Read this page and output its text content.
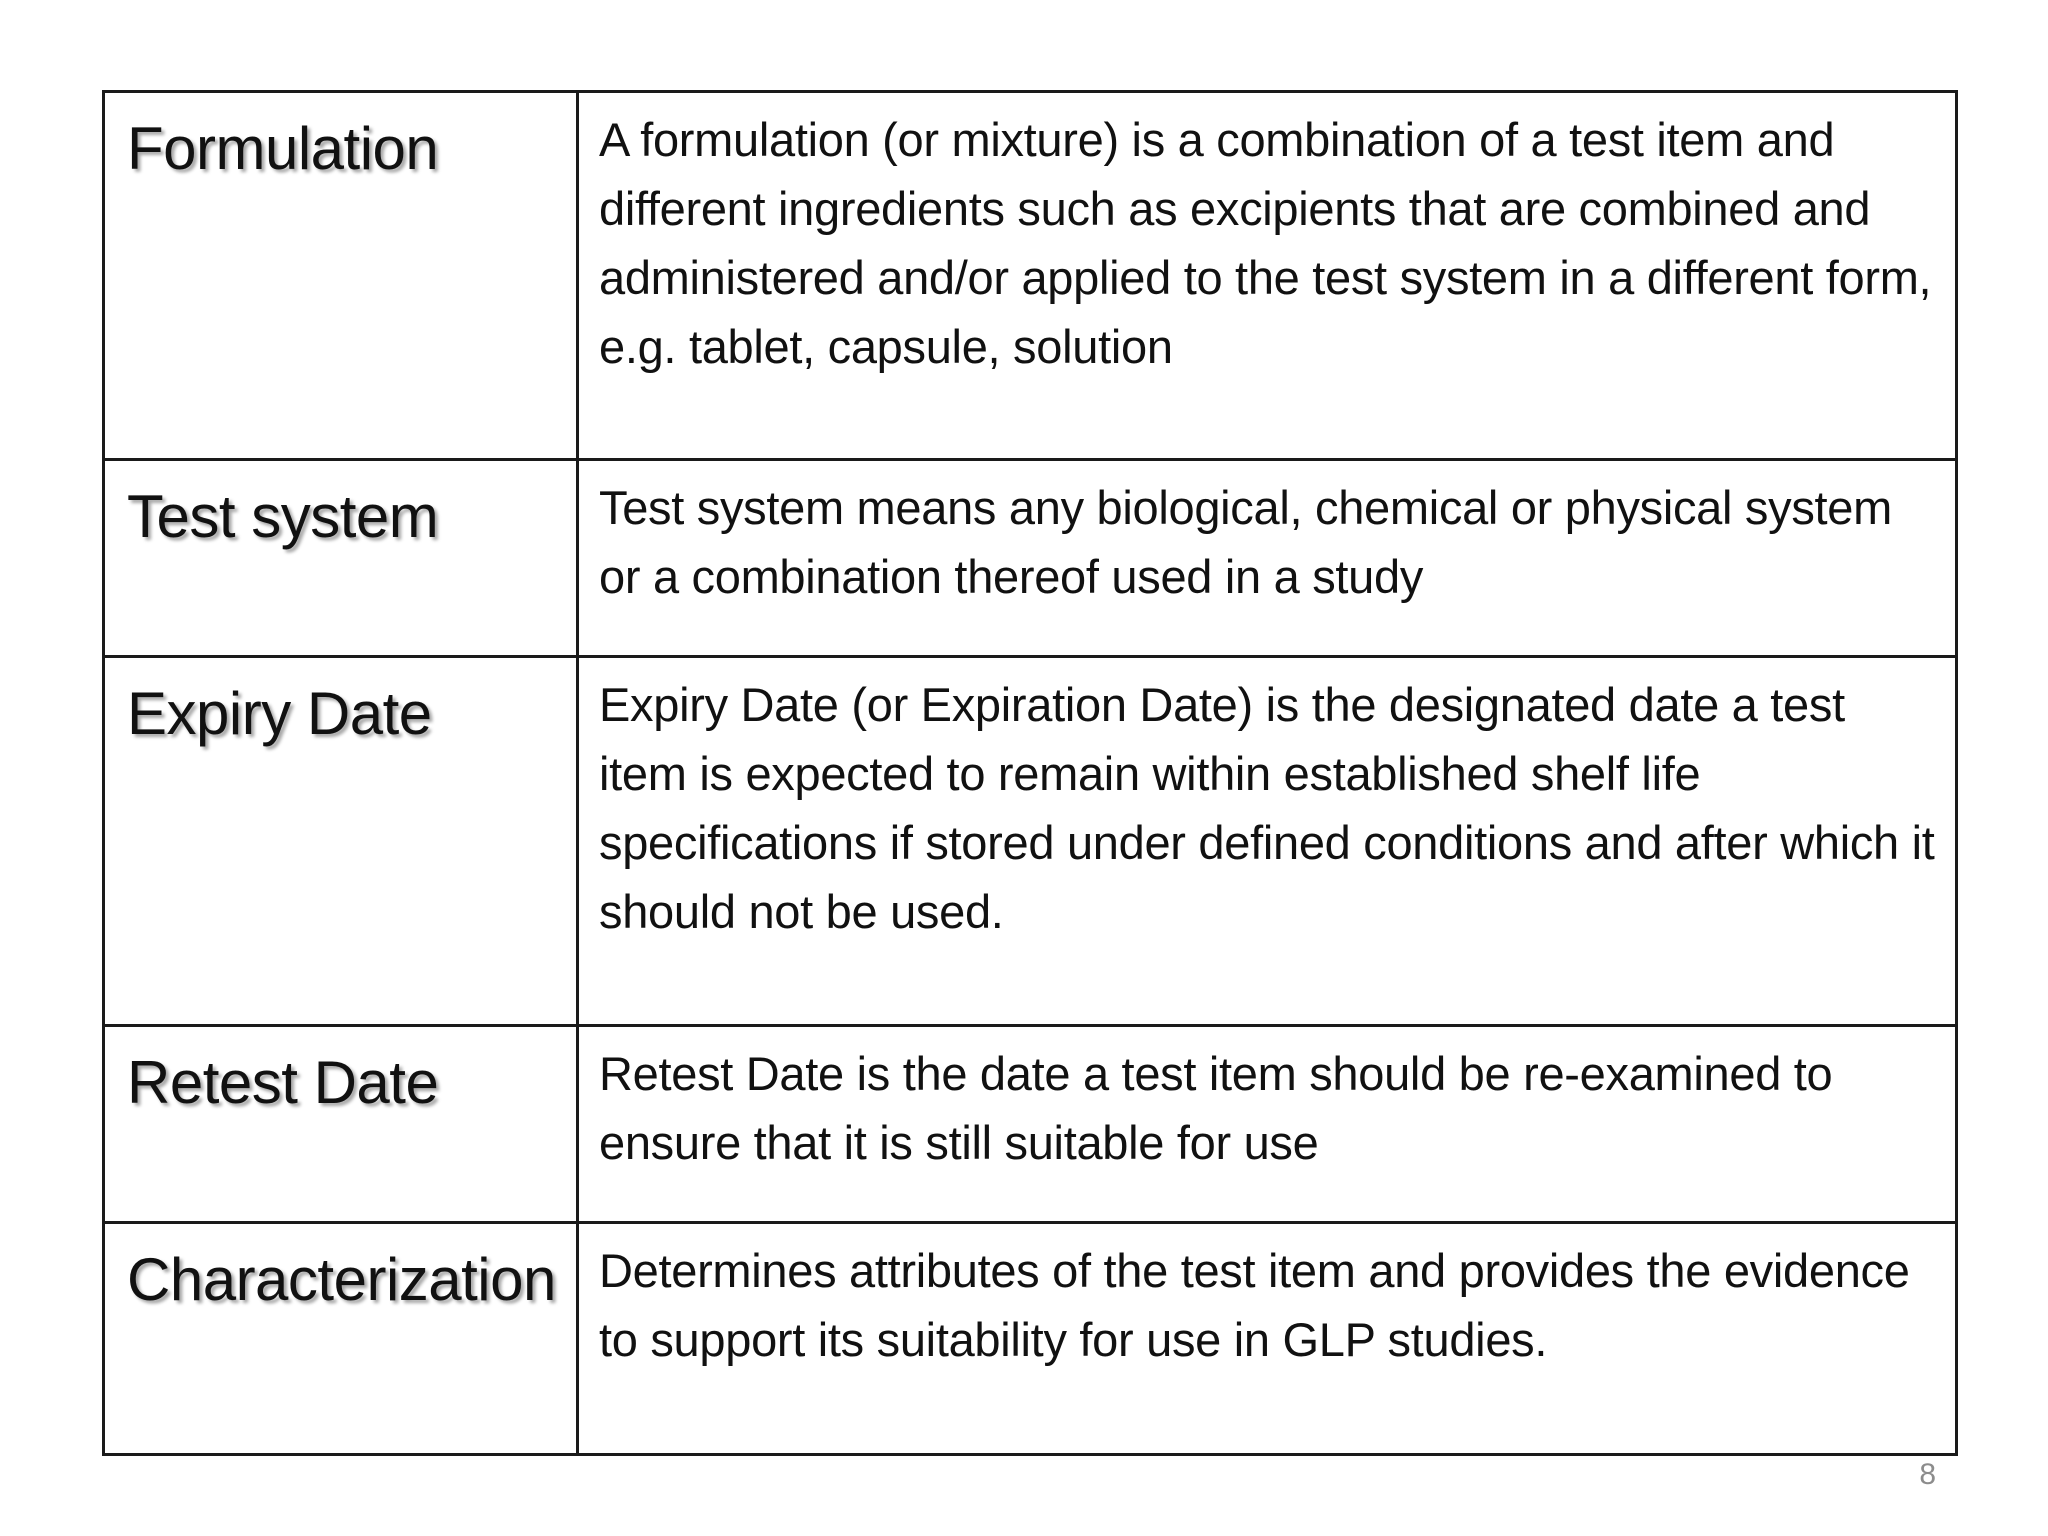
Formulation	A formulation (or mixture) is a combination of a test item and different ingredients such as excipients that are combined and administered and/or applied to the test system in a different form, e.g. tablet, capsule, solution

Test system	Test system means any biological, chemical or physical system or a combination thereof used in a study

Expiry Date	Expiry Date (or Expiration Date) is the designated date a test item is expected to remain within established shelf life specifications if stored under defined conditions and after which it should not be used.

Retest Date	Retest Date is the date a test item should be re-examined to ensure that it is still suitable for use

Characterization	Determines attributes of the test item and provides the evidence to support its suitability for use in GLP studies.
8
